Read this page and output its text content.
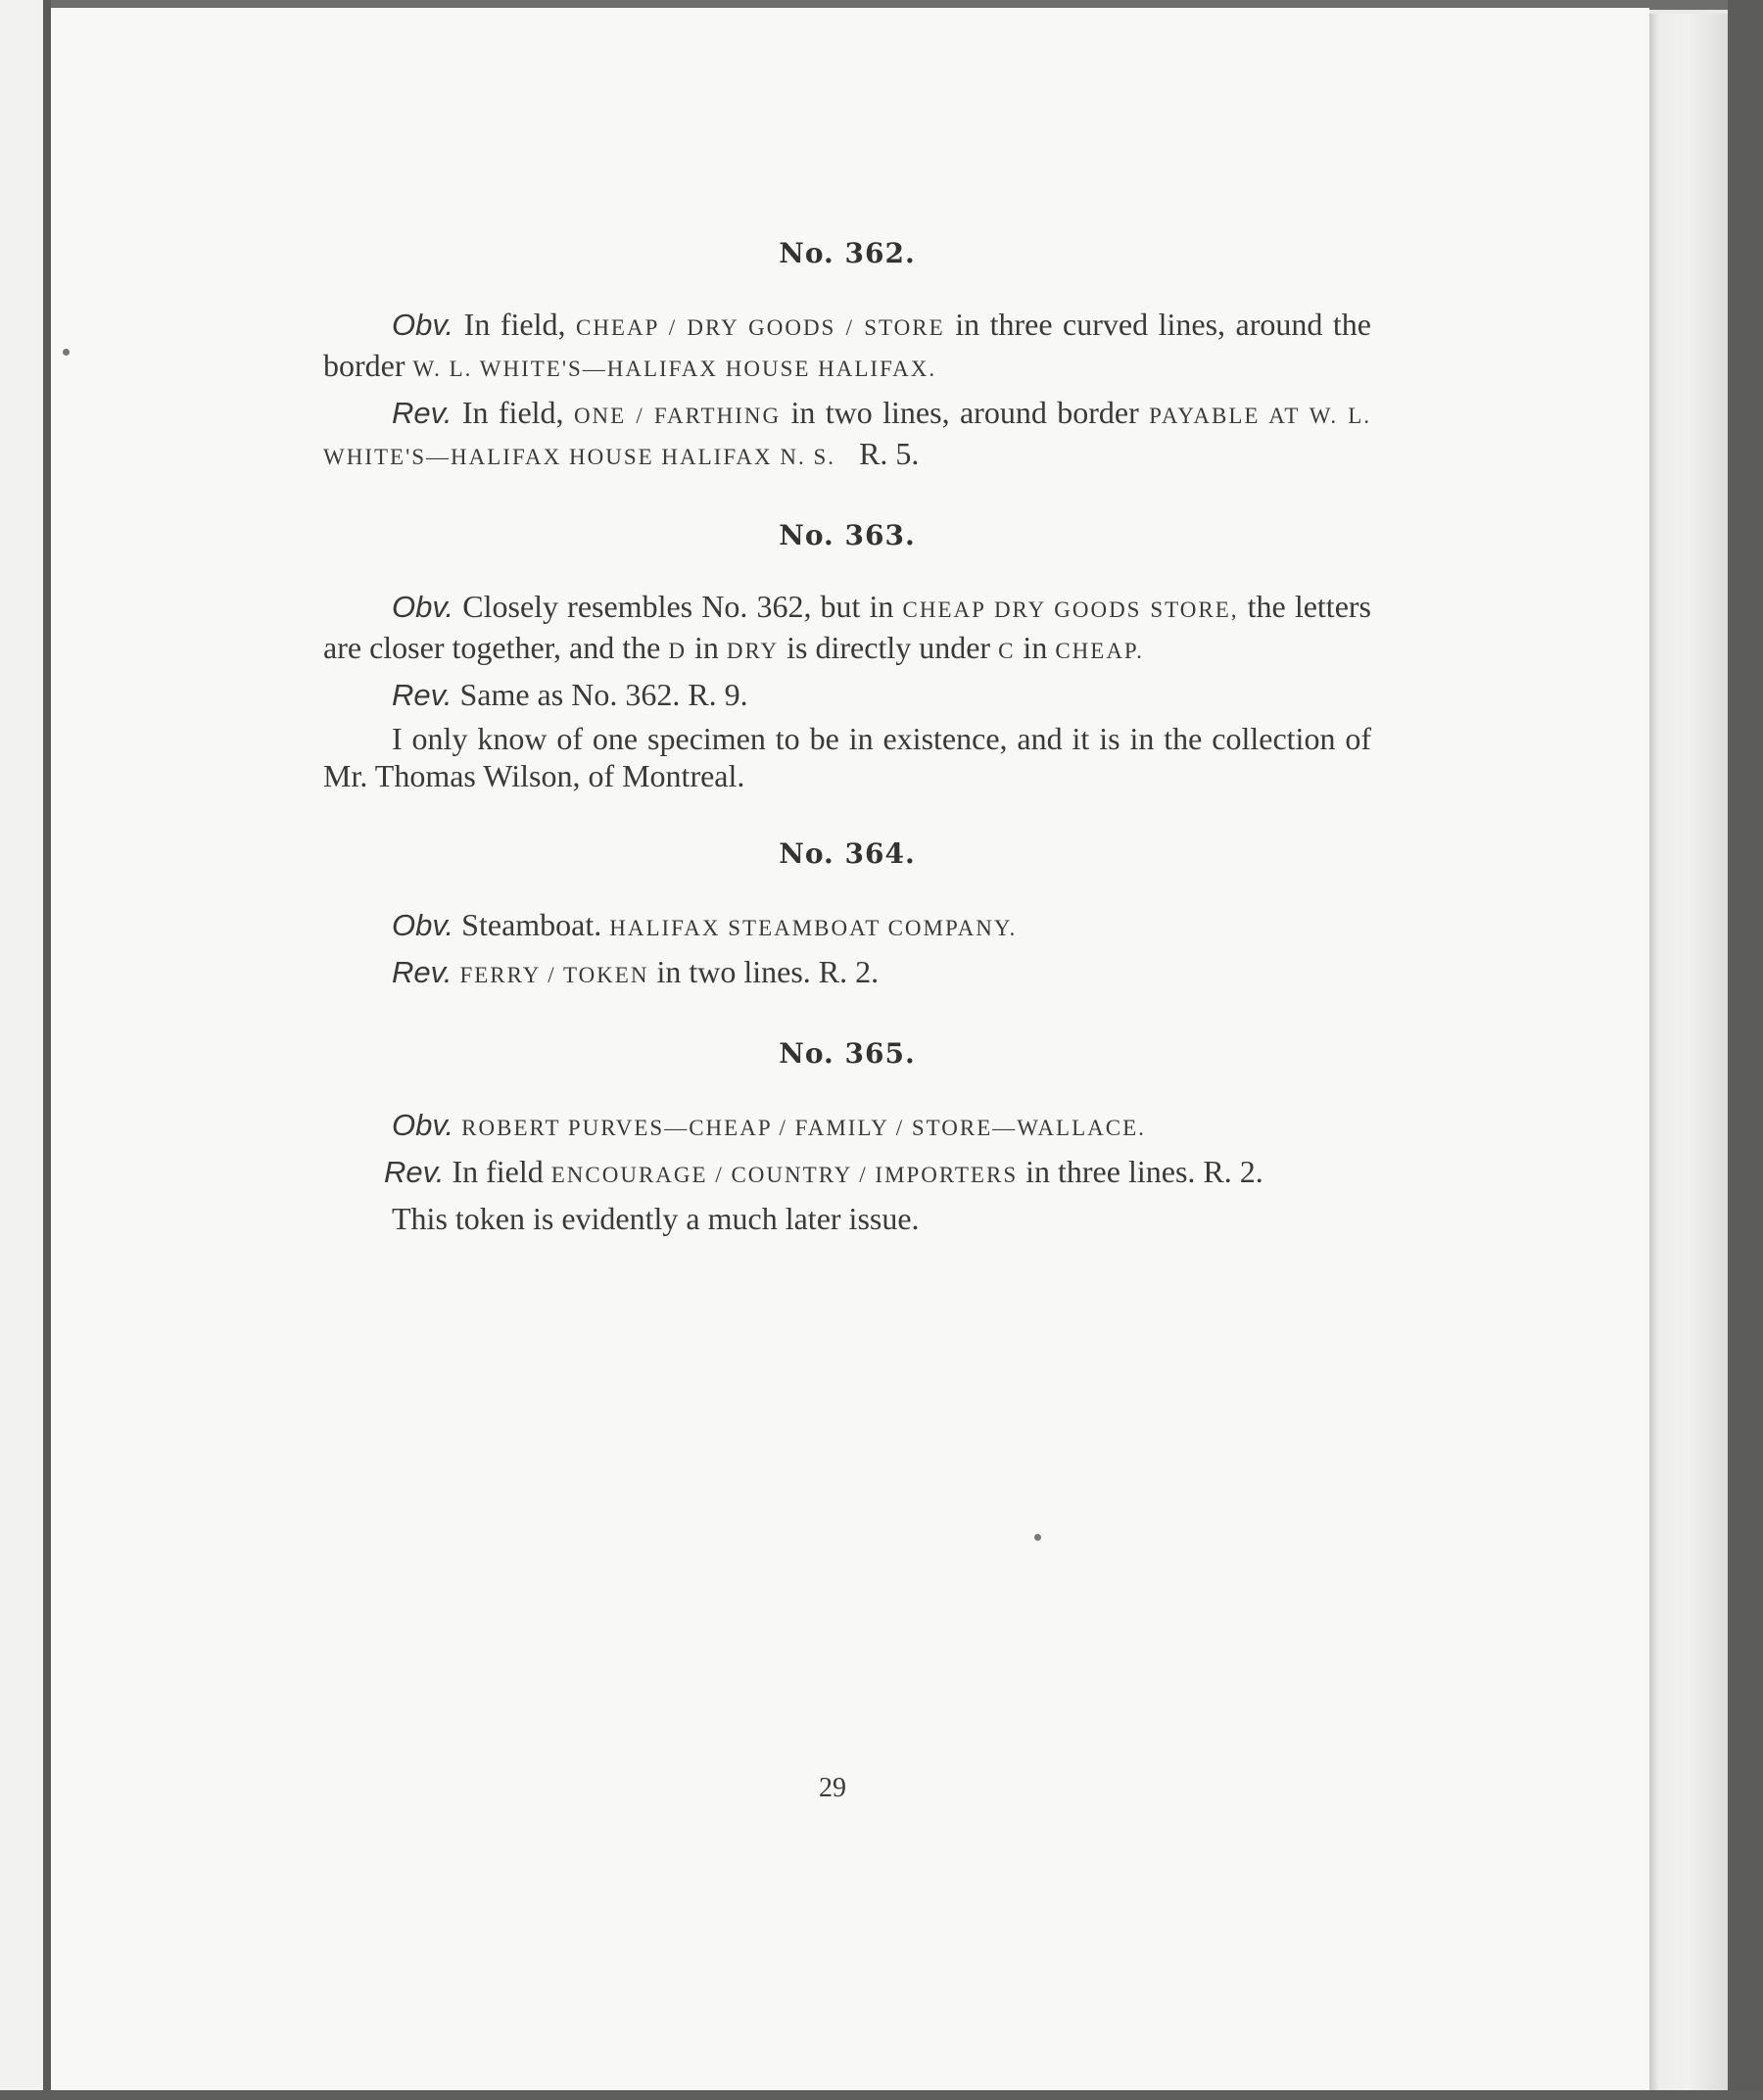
No. 362.

Obv. In field, CHEAP / DRY GOODS / STORE in three curved lines, around the border W. L. WHITE'S—HALIFAX HOUSE HALIFAX.

Rev. In field, ONE / FARTHING in two lines, around border PAYABLE AT W. L. WHITE'S—HALIFAX HOUSE HALIFAX N. S. R. 5.

No. 363.

Obv. Closely resembles No. 362, but in CHEAP DRY GOODS STORE, the letters are closer together, and the D in DRY is directly under C in CHEAP.

Rev. Same as No. 362. R. 9.

I only know of one specimen to be in existence, and it is in the collection of Mr. Thomas Wilson, of Montreal.

No. 364.

Obv. Steamboat. HALIFAX STEAMBOAT COMPANY.

Rev. FERRY / TOKEN in two lines. R. 2.

No. 365.

Obv. ROBERT PURVES—CHEAP / FAMILY / STORE—WALLACE.

Rev. In field ENCOURAGE / COUNTRY / IMPORTERS in three lines. R. 2.

This token is evidently a much later issue.

29
